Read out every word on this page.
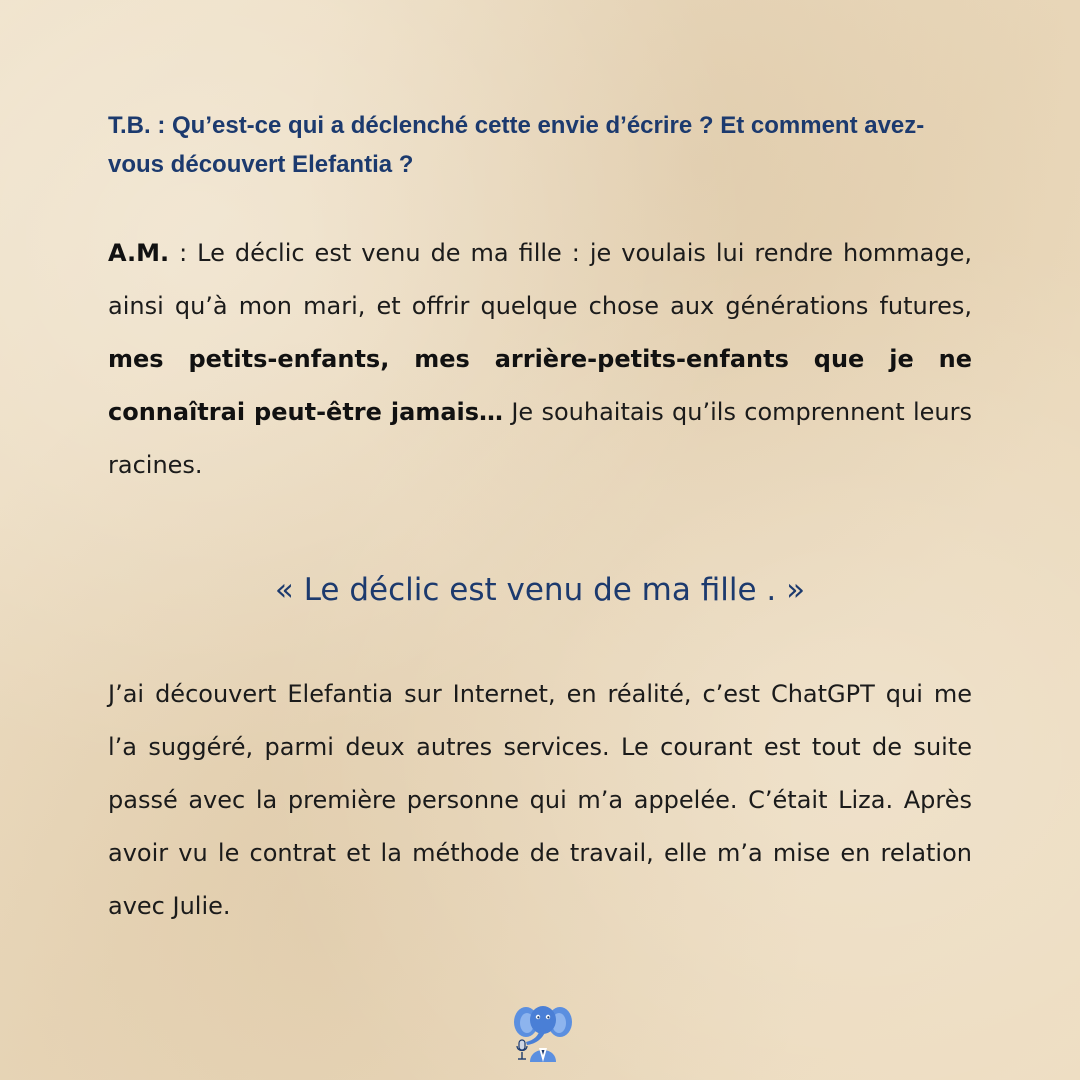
T.B. : Qu’est-ce qui a déclenché cette envie d’écrire ? Et comment avez-vous découvert Elefantia ?

A.M. : Le déclic est venu de ma fille : je voulais lui rendre hommage, ainsi qu’à mon mari, et offrir quelque chose aux générations futures, mes petits-enfants, mes arrière-petits-enfants que je ne connaîtrai peut-être jamais… Je souhaitais qu’ils comprennent leurs racines.

« Le déclic est venu de ma fille . »

J’ai découvert Elefantia sur Internet, en réalité, c’est ChatGPT qui me l’a suggéré, parmi deux autres services. Le courant est tout de suite passé avec la première personne qui m’a appelée. C’était Liza. Après avoir vu le contrat et la méthode de travail, elle m’a mise en relation avec Julie.
